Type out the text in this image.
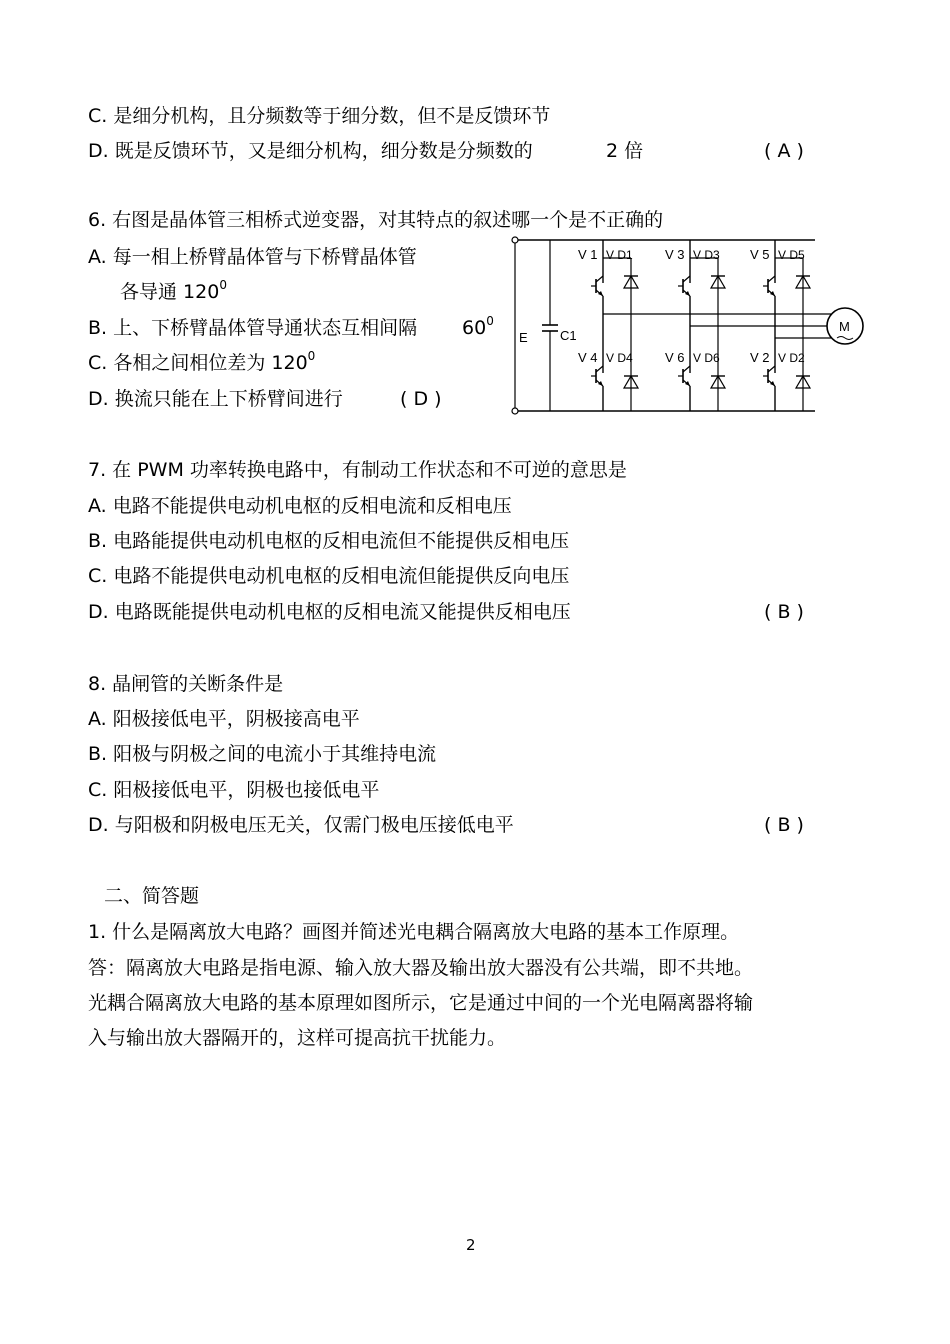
C. 是细分机构，且分频数等于细分数，但不是反馈环节
D. 既是反馈环节，又是细分机构，细分数是分频数的	2 倍	( A )
6. 右图是晶体管三相桥式逆变器，对其特点的叙述哪一个是不正确的
A. 每一相上桥臂晶体管与下桥臂晶体管
各导通 $120^0$
B. 上、下桥臂晶体管导通状态互相间隔 $60^0$
C. 各相之间相位差为 $120^0$
D. 换流只能在上下桥臂间进行	( D )
E C1
M
V 1 V D1 V 3 V D3 V 5 V D5
V 4 V D4 V 6 V D6 V 2 V D2
7. 在 PWM 功率转换电路中，有制动工作状态和不可逆的意思是
A. 电路不能提供电动机电枢的反相电流和反相电压
B. 电路能提供电动机电枢的反相电流但不能提供反相电压
C. 电路不能提供电动机电枢的反相电流但能提供反向电压
D. 电路既能提供电动机电枢的反相电流又能提供反相电压	( B )
8. 晶闸管的关断条件是
A. 阳极接低电平，阴极接高电平
B. 阳极与阴极之间的电流小于其维持电流
C. 阳极接低电平，阴极也接低电平
D. 与阳极和阴极电压无关，仅需门极电压接低电平	( B )
二、简答题
1. 什么是隔离放大电路？画图并简述光电耦合隔离放大电路的基本工作原理。
答：隔离放大电路是指电源、输入放大器及输出放大器没有公共端，即不共地。
光耦合隔离放大电路的基本原理如图所示，它是通过中间的一个光电隔离器将输
入与输出放大器隔开的，这样可提高抗干扰能力。
2
